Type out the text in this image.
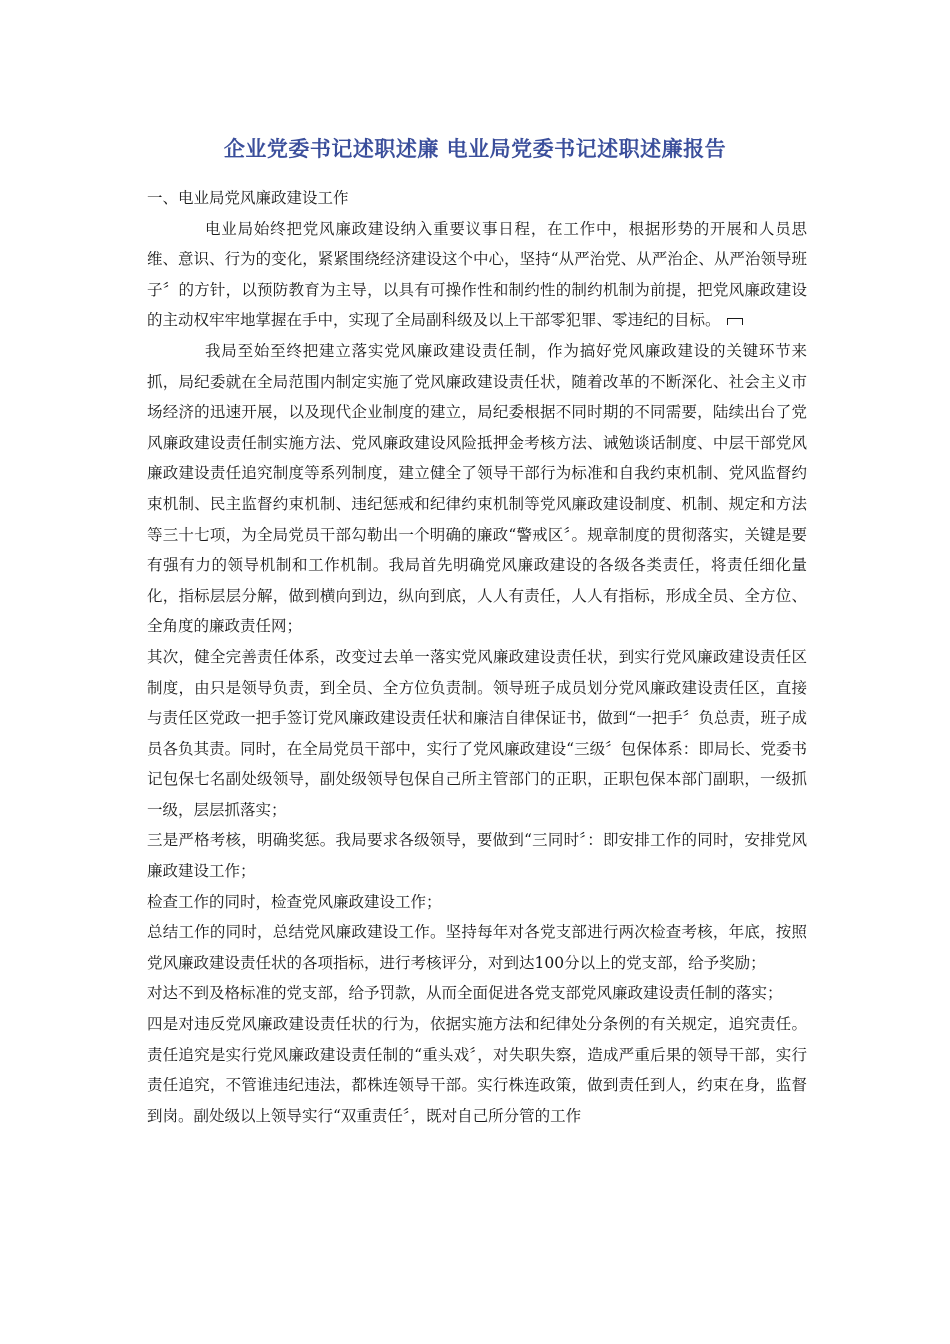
企业党委书记述职述廉 电业局党委书记述职述廉报告

一、电业局党风廉政建设工作

电业局始终把党风廉政建设纳入重要议事日程，在工作中，根据形势的开展和人员思维、意识、行为的变化，紧紧围绕经济建设这个中心，坚持“从严治党、从严治企、从严治领导班子〞的方针，以预防教育为主导，以具有可操作性和制约性的制约机制为前提，把党风廉政建设的主动权牢牢地掌握在手中，实现了全局副科级及以上干部零犯罪、零违纪的目标。

我局至始至终把建立落实党风廉政建设责任制，作为搞好党风廉政建设的关键环节来抓，局纪委就在全局范围内制定实施了党风廉政建设责任状，随着改革的不断深化、社会主义市场经济的迅速开展，以及现代企业制度的建立，局纪委根据不同时期的不同需要，陆续出台了党风廉政建设责任制实施方法、党风廉政建设风险抵押金考核方法、诫勉谈话制度、中层干部党风廉政建设责任追究制度等系列制度，建立健全了领导干部行为标准和自我约束机制、党风监督约束机制、民主监督约束机制、违纪惩戒和纪律约束机制等党风廉政建设制度、机制、规定和方法等三十七项，为全局党员干部勾勒出一个明确的廉政“警戒区〞。规章制度的贯彻落实，关键是要有强有力的领导机制和工作机制。我局首先明确党风廉政建设的各级各类责任，将责任细化量化，指标层层分解，做到横向到边，纵向到底，人人有责任，人人有指标，形成全员、全方位、全角度的廉政责任网；

其次，健全完善责任体系，改变过去单一落实党风廉政建设责任状，到实行党风廉政建设责任区制度，由只是领导负责，到全员、全方位负责制。领导班子成员划分党风廉政建设责任区，直接与责任区党政一把手签订党风廉政建设责任状和廉洁自律保证书，做到“一把手〞负总责，班子成员各负其责。同时，在全局党员干部中，实行了党风廉政建设“三级〞包保体系：即局长、党委书记包保七名副处级领导，副处级领导包保自己所主管部门的正职，正职包保本部门副职，一级抓一级，层层抓落实；

三是严格考核，明确奖惩。我局要求各级领导，要做到“三同时〞：即安排工作的同时，安排党风廉政建设工作；

检查工作的同时，检查党风廉政建设工作；

总结工作的同时，总结党风廉政建设工作。坚持每年对各党支部进行两次检查考核，年底，按照党风廉政建设责任状的各项指标，进行考核评分，对到达100分以上的党支部，给予奖励；

对达不到及格标准的党支部，给予罚款，从而全面促进各党支部党风廉政建设责任制的落实；

四是对违反党风廉政建设责任状的行为，依据实施方法和纪律处分条例的有关规定，追究责任。责任追究是实行党风廉政建设责任制的“重头戏〞，对失职失察，造成严重后果的领导干部，实行责任追究，不管谁违纪违法，都株连领导干部。实行株连政策，做到责任到人，约束在身，监督到岗。副处级以上领导实行“双重责任〞，既对自己所分管的工作
